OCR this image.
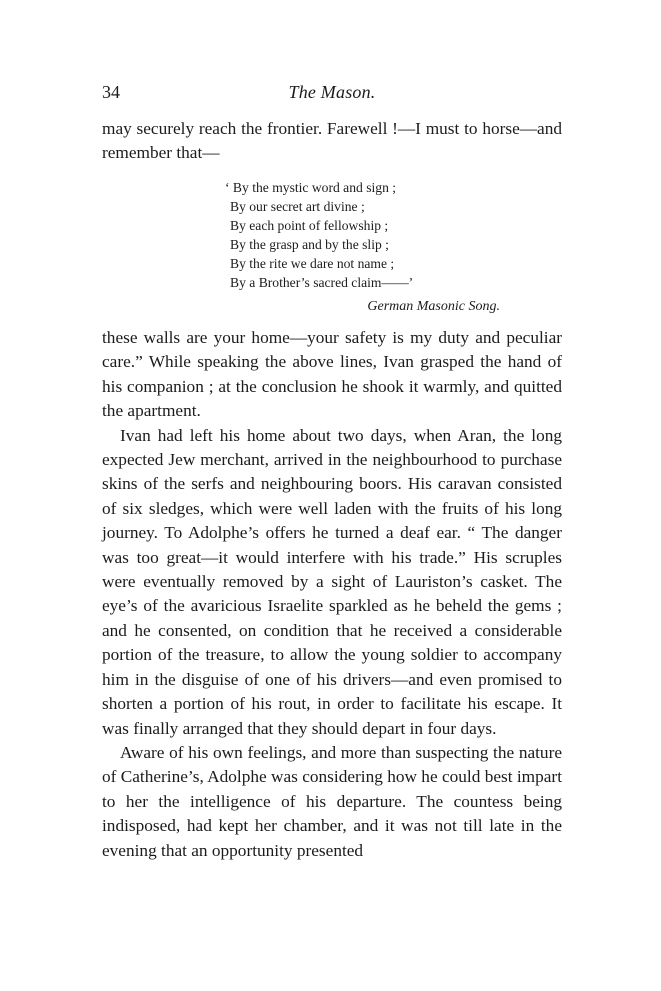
34	The Mason.

may securely reach the frontier. Farewell !—I must to horse—and remember that—

‘ By the mystic word and sign ;
By our secret art divine ;
By each point of fellowship ;
By the grasp and by the slip ;
By the rite we dare not name ;
By a Brother’s sacred claim——’
German Masonic Song.

these walls are your home—your safety is my duty and peculiar care.” While speaking the above lines, Ivan grasped the hand of his companion ; at the conclusion he shook it warmly, and quitted the apartment.

Ivan had left his home about two days, when Aran, the long expected Jew merchant, arrived in the neighbourhood to purchase skins of the serfs and neighbouring boors. His caravan consisted of six sledges, which were well laden with the fruits of his long journey. To Adolphe’s offers he turned a deaf ear. “ The danger was too great—it would interfere with his trade.” His scruples were eventually removed by a sight of Lauriston’s casket. The eye’s of the avaricious Israelite sparkled as he beheld the gems ; and he consented, on condition that he received a considerable portion of the treasure, to allow the young soldier to accompany him in the disguise of one of his drivers—and even promised to shorten a portion of his rout, in order to facilitate his escape. It was finally arranged that they should depart in four days.

Aware of his own feelings, and more than suspecting the nature of Catherine’s, Adolphe was considering how he could best impart to her the intelligence of his departure. The countess being indisposed, had kept her chamber, and it was not till late in the evening that an opportunity presented
